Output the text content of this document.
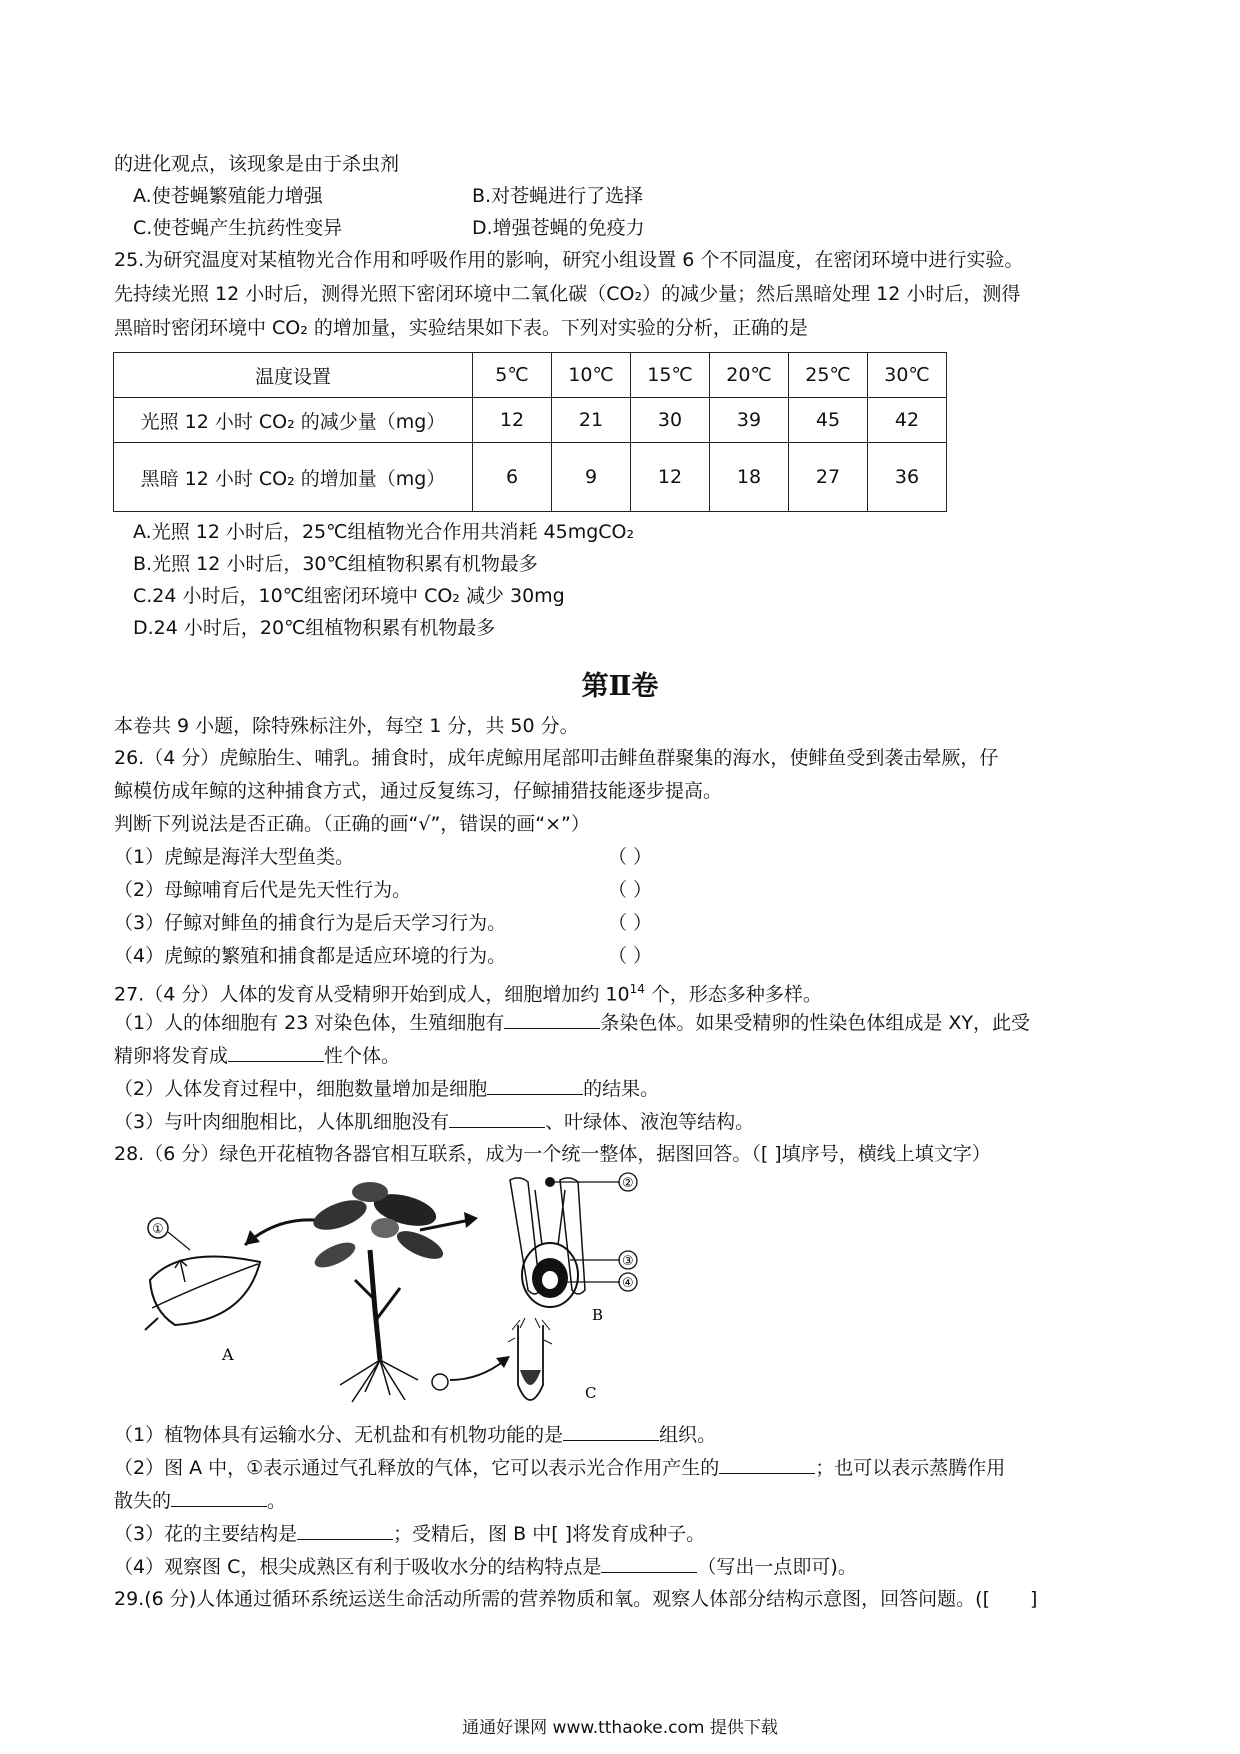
的进化观点，该现象是由于杀虫剂
A.使苍蝇繁殖能力增强	B.对苍蝇进行了选择
C.使苍蝇产生抗药性变异	D.增强苍蝇的免疫力
25.为研究温度对某植物光合作用和呼吸作用的影响，研究小组设置 6 个不同温度，在密闭环境中进行实验。
先持续光照 12 小时后，测得光照下密闭环境中二氧化碳（CO₂）的减少量；然后黑暗处理 12 小时后，测得
黑暗时密闭环境中 CO₂ 的增加量，实验结果如下表。下列对实验的分析，正确的是
温度设置	5℃	10℃	15℃	20℃	25℃	30℃
光照 12 小时 CO₂ 的减少量（mg）	12	21	30	39	45	42
黑暗 12 小时 CO₂ 的增加量（mg）	6	9	12	18	27	36
A.光照 12 小时后，25℃组植物光合作用共消耗 45mgCO₂
B.光照 12 小时后，30℃组植物积累有机物最多
C.24 小时后，10℃组密闭环境中 CO₂ 减少 30mg
D.24 小时后，20℃组植物积累有机物最多
第Ⅱ卷
本卷共 9 小题，除特殊标注外，每空 1 分，共 50 分。
26.（4 分）虎鲸胎生、哺乳。捕食时，成年虎鲸用尾部叩击鲱鱼群聚集的海水，使鲱鱼受到袭击晕厥，仔
鲸模仿成年鲸的这种捕食方式，通过反复练习，仔鲸捕猎技能逐步提高。
判断下列说法是否正确。（正确的画“√”，错误的画“×”）
（1）虎鲸是海洋大型鱼类。	（ ）
（2）母鲸哺育后代是先天性行为。	（ ）
（3）仔鲸对鲱鱼的捕食行为是后天学习行为。	（ ）
（4）虎鲸的繁殖和捕食都是适应环境的行为。	（ ）
27.（4 分）人体的发育从受精卵开始到成人，细胞增加约 $10^{14}$ 个，形态多种多样。
（1）人的体细胞有 23 对染色体，生殖细胞有	条染色体。如果受精卵的性染色体组成是 XY，此受
精卵将发育成	性个体。
（2）人体发育过程中，细胞数量增加是细胞	的结果。
（3）与叶肉细胞相比，人体肌细胞没有	、叶绿体、液泡等结构。
28.（6 分）绿色开花植物各器官相互联系，成为一个统一整体，据图回答。（[ ]填序号，横线上填文字）
①
A
②
③
④
B
C
（1）植物体具有运输水分、无机盐和有机物功能的是	组织。
（2）图 A 中，①表示通过气孔释放的气体，它可以表示光合作用产生的	；也可以表示蒸腾作用
散失的	。
（3）花的主要结构是	；受精后，图 B 中[ ]将发育成种子。
（4）观察图 C，根尖成熟区有利于吸收水分的结构特点是	（写出一点即可)。
29.(6 分)人体通过循环系统运送生命活动所需的营养物质和氧。观察人体部分结构示意图，回答问题。([ ]
通通好课网 www.tthaoke.com 提供下载
